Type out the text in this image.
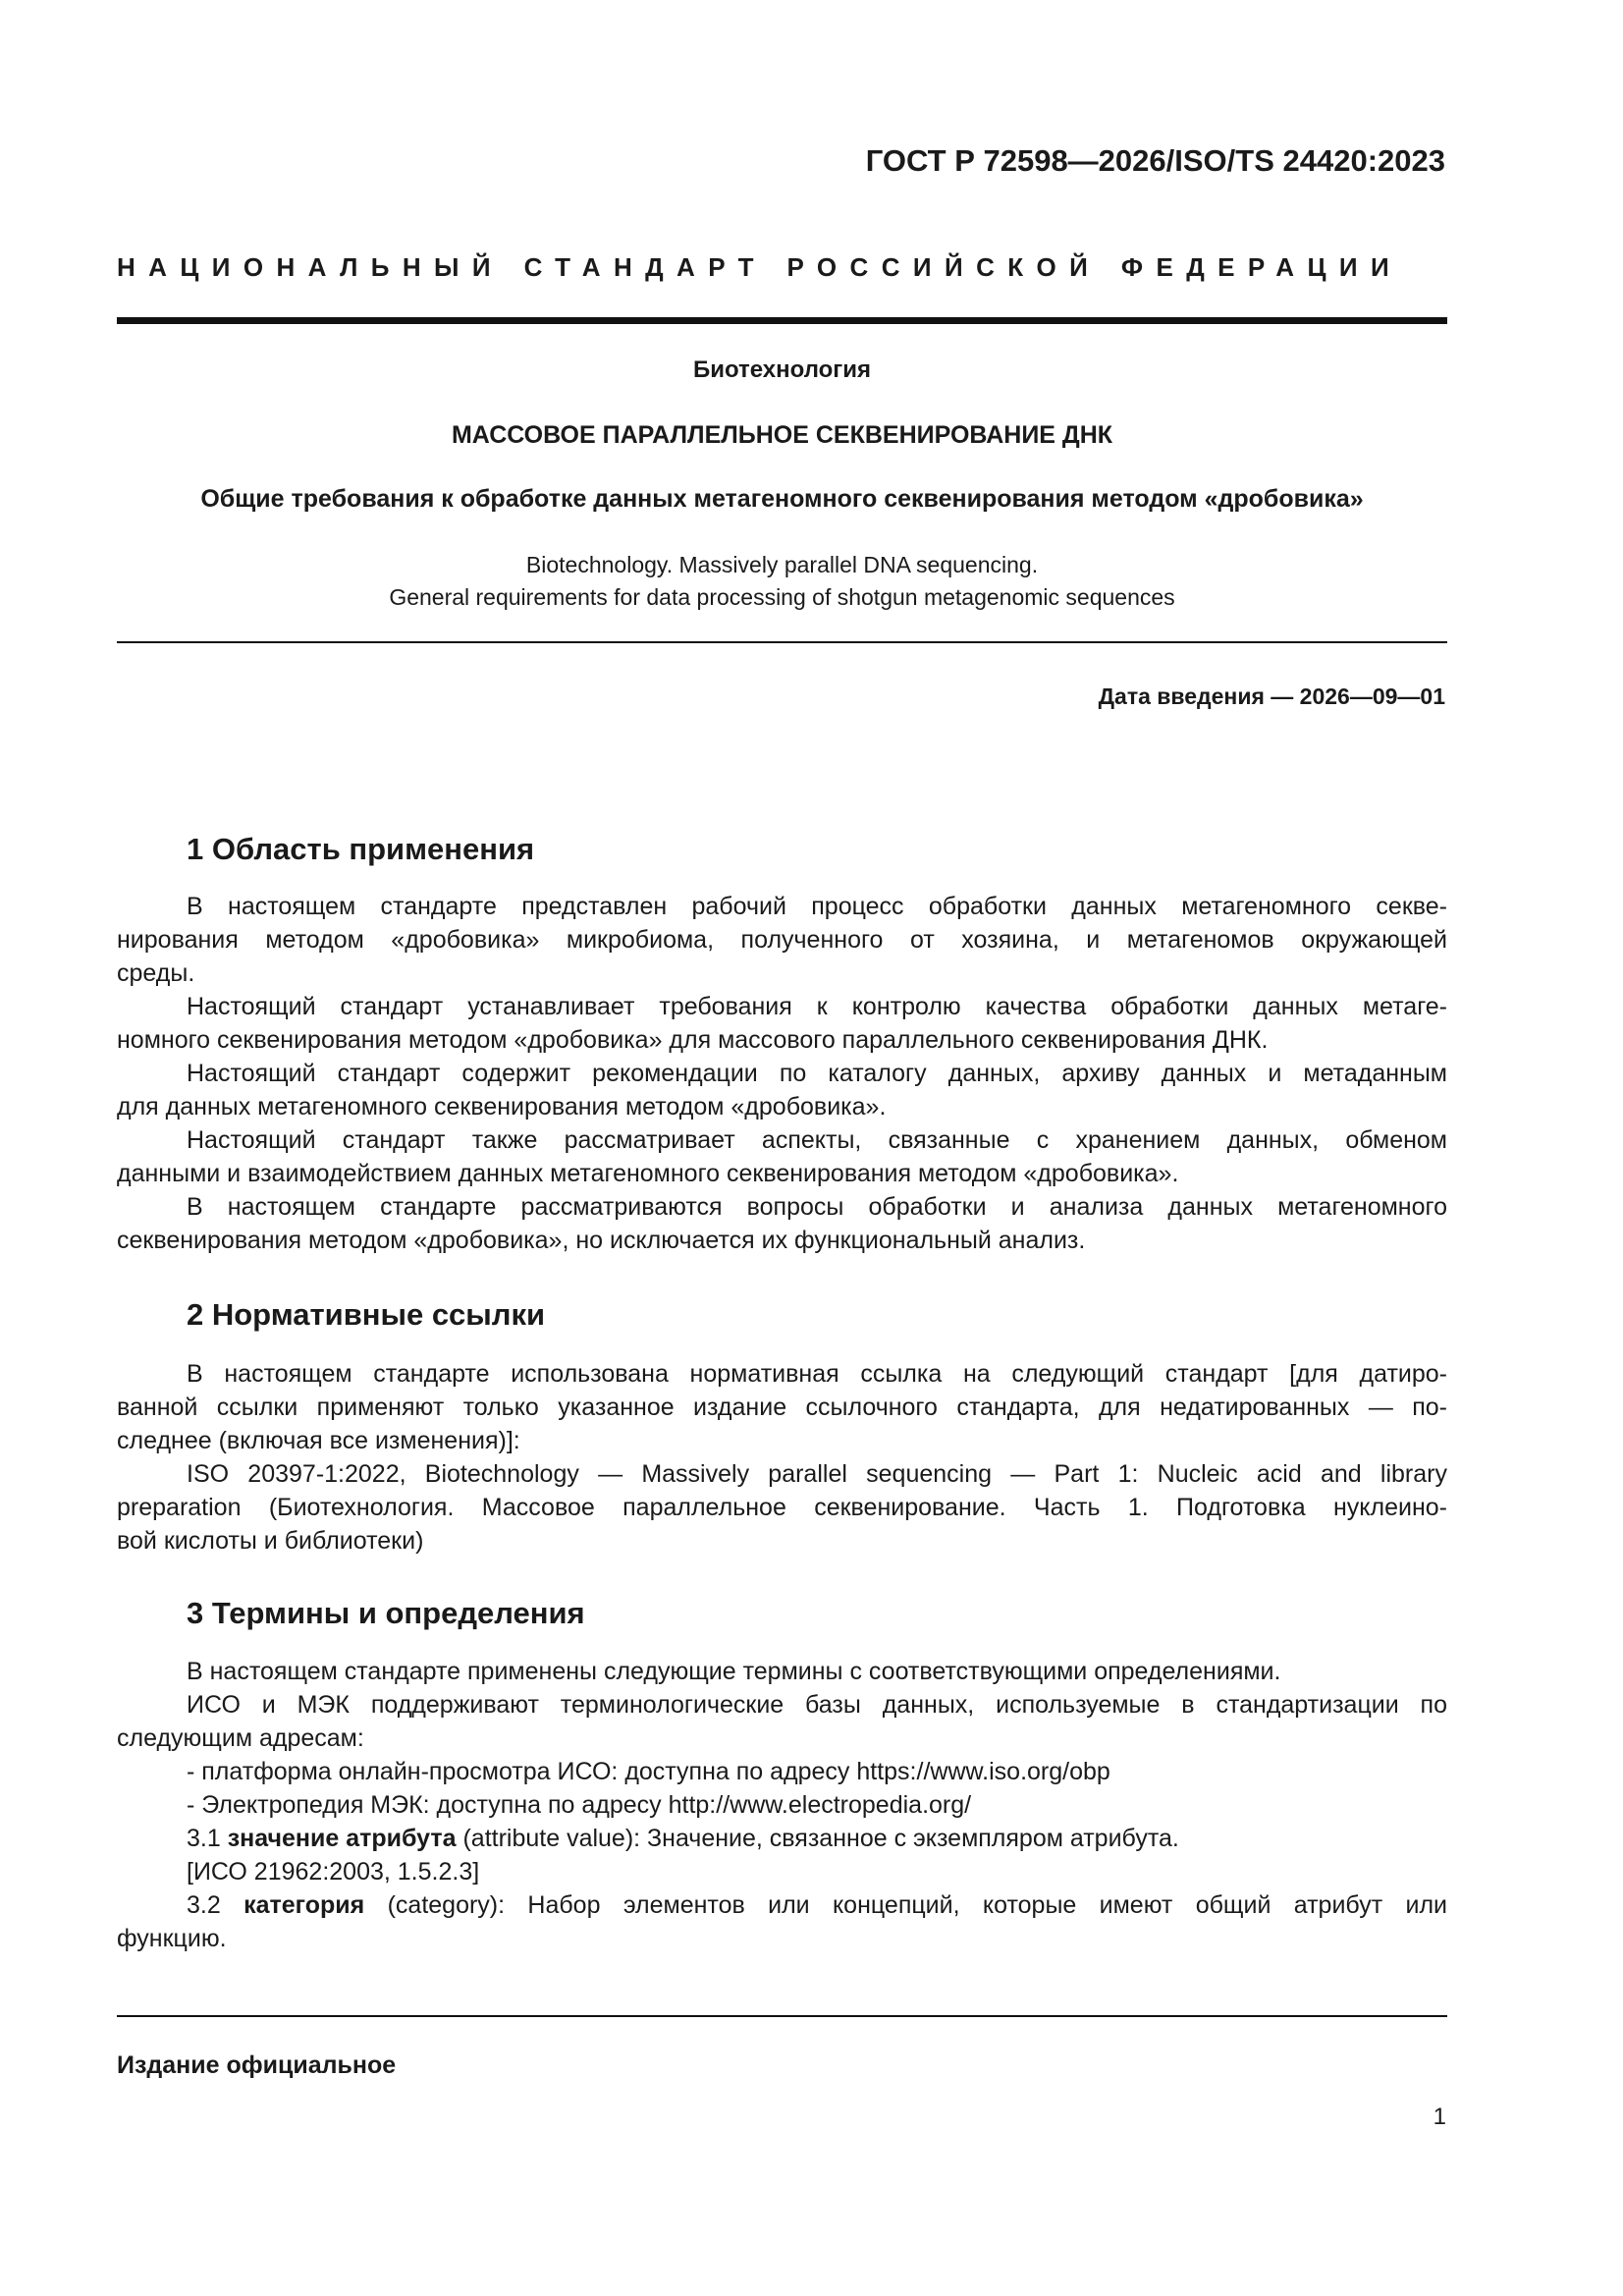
ГОСТ Р 72598—2026/ISO/TS 24420:2023
НАЦИОНАЛЬНЫЙ СТАНДАРТ РОССИЙСКОЙ ФЕДЕРАЦИИ
Биотехнология
МАССОВОЕ ПАРАЛЛЕЛЬНОЕ СЕКВЕНИРОВАНИЕ ДНК
Общие требования к обработке данных метагеномного секвенирования методом «дробовика»
Biotechnology. Massively parallel DNA sequencing.
General requirements for data processing of shotgun metagenomic sequences
Дата введения — 2026—09—01
1 Область применения
В настоящем стандарте представлен рабочий процесс обработки данных метагеномного секве-
нирования методом «дробовика» микробиома, полученного от хозяина, и метагеномов окружающей
среды.
Настоящий стандарт устанавливает требования к контролю качества обработки данных метаге-
номного секвенирования методом «дробовика» для массового параллельного секвенирования ДНК.
Настоящий стандарт содержит рекомендации по каталогу данных, архиву данных и метаданным
для данных метагеномного секвенирования методом «дробовика».
Настоящий стандарт также рассматривает аспекты, связанные с хранением данных, обменом
данными и взаимодействием данных метагеномного секвенирования методом «дробовика».
В настоящем стандарте рассматриваются вопросы обработки и анализа данных метагеномного
секвенирования методом «дробовика», но исключается их функциональный анализ.
2 Нормативные ссылки
В настоящем стандарте использована нормативная ссылка на следующий стандарт [для датиро-
ванной ссылки применяют только указанное издание ссылочного стандарта, для недатированных — по-
следнее (включая все изменения)]:
ISO 20397-1:2022, Biotechnology — Massively parallel sequencing — Part 1: Nucleic acid and library
preparation (Биотехнология. Массовое параллельное секвенирование. Часть 1. Подготовка нуклеино-
вой кислоты и библиотеки)
3 Термины и определения
В настоящем стандарте применены следующие термины с соответствующими определениями.
ИСО и МЭК поддерживают терминологические базы данных, используемые в стандартизации по
следующим адресам:
- платформа онлайн-просмотра ИСО: доступна по адресу https://www.iso.org/obp
- Электропедия МЭК: доступна по адресу http://www.electropedia.org/
3.1 значение атрибута (attribute value): Значение, связанное с экземпляром атрибута.
[ИСО 21962:2003, 1.5.2.3]
3.2 категория (category): Набор элементов или концепций, которые имеют общий атрибут или
функцию.
Издание официальное
1
